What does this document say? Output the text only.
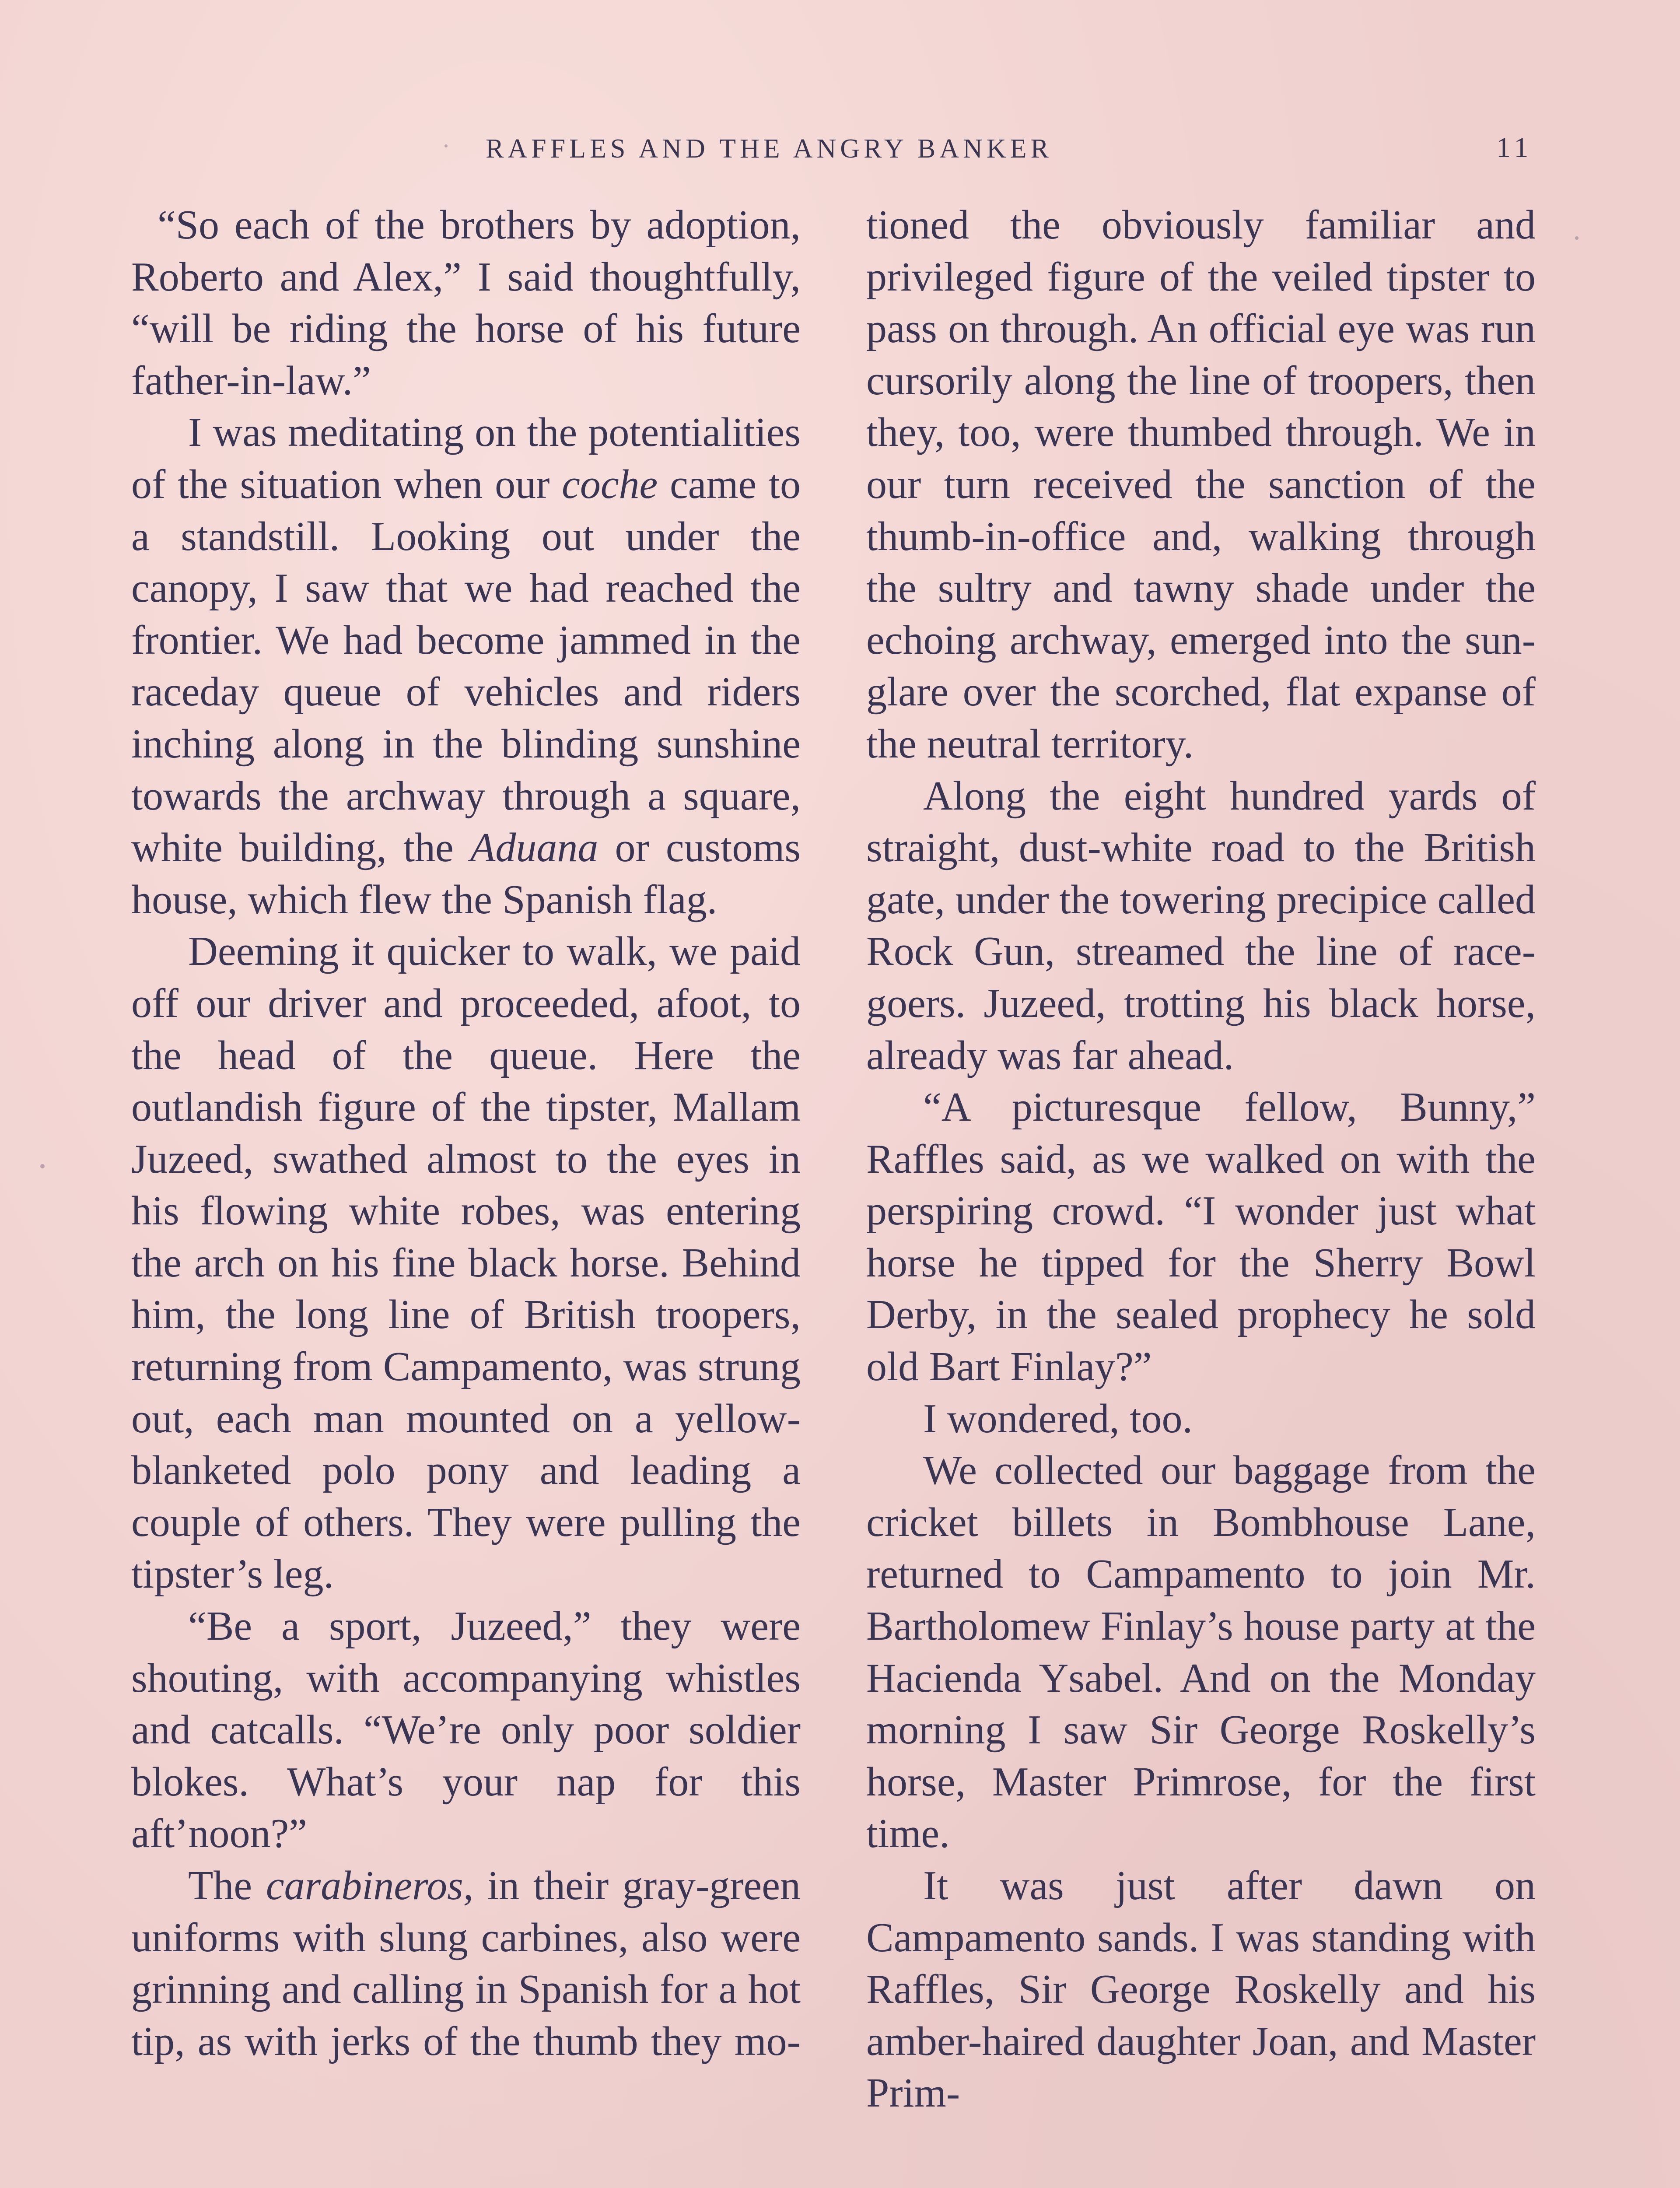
RAFFLES AND THE ANGRY BANKER	11

“So each of the brothers by adoption, Roberto and Alex,” I said thoughtfully, “will be riding the horse of his future father-in-law.”

I was meditating on the potentialities of the situation when our coche came to a standstill. Looking out under the canopy, I saw that we had reached the frontier. We had become jammed in the raceday queue of vehicles and riders inching along in the blinding sunshine towards the archway through a square, white building, the Aduana or customs house, which flew the Spanish flag.

Deeming it quicker to walk, we paid off our driver and proceeded, afoot, to the head of the queue. Here the outlandish figure of the tipster, Mallam Juzeed, swathed almost to the eyes in his flowing white robes, was entering the arch on his fine black horse. Behind him, the long line of British troopers, returning from Campamento, was strung out, each man mounted on a yellow-blanketed polo pony and leading a couple of others. They were pulling the tipster’s leg.

“Be a sport, Juzeed,” they were shouting, with accompanying whistles and catcalls. “We’re only poor soldier blokes. What’s your nap for this aft’noon?”

The carabineros, in their gray-green uniforms with slung carbines, also were grinning and calling in Spanish for a hot tip, as with jerks of the thumb they mo-

tioned the obviously familiar and privileged figure of the veiled tipster to pass on through. An official eye was run cursorily along the line of troopers, then they, too, were thumbed through. We in our turn received the sanction of the thumb-in-office and, walking through the sultry and tawny shade under the echoing archway, emerged into the sun-glare over the scorched, flat expanse of the neutral territory.

Along the eight hundred yards of straight, dust-white road to the British gate, under the towering precipice called Rock Gun, streamed the line of race-goers. Juzeed, trotting his black horse, already was far ahead.

“A picturesque fellow, Bunny,” Raffles said, as we walked on with the perspiring crowd. “I wonder just what horse he tipped for the Sherry Bowl Derby, in the sealed prophecy he sold old Bart Finlay?”

I wondered, too.

We collected our baggage from the cricket billets in Bombhouse Lane, returned to Campamento to join Mr. Bartholomew Finlay’s house party at the Hacienda Ysabel. And on the Monday morning I saw Sir George Roskelly’s horse, Master Primrose, for the first time.

It was just after dawn on Campamento sands. I was standing with Raffles, Sir George Roskelly and his amber-haired daughter Joan, and Master Prim-
